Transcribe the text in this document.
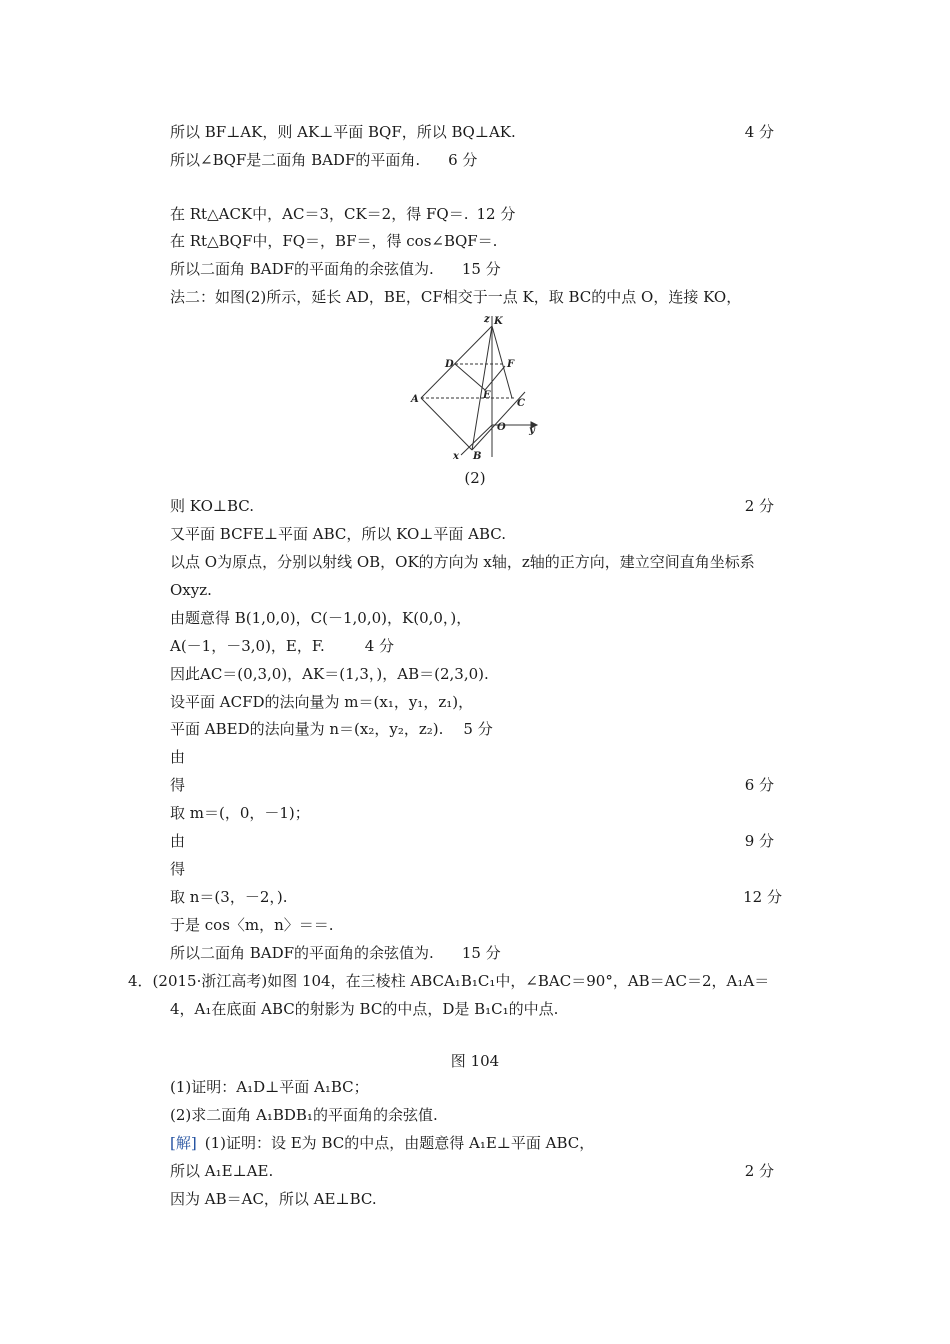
所以 BF⊥AK，则 AK⊥平面 BQF，所以 BQ⊥AK.	4 分
所以∠BQF是二面角 BADF的平面角. 6 分
在 Rt△ACK中，AC＝3，CK＝2，得 FQ＝. 12 分
在 Rt△BQF中，FQ＝，BF＝，得 cos∠BQF＝.
所以二面角 BADF的平面角的余弦值为. 15 分
法二：如图(2)所示，延长 AD，BE，CF相交于一点 K，取 BC的中点 O，连接 KO，
z K
D	F
A	E
C
O y
x B
(2)
则 KO⊥BC.	2 分
又平面 BCFE⊥平面 ABC，所以 KO⊥平面 ABC.
以点 O为原点，分别以射线 OB，OK的方向为 x轴，z轴的正方向，建立空间直角坐标系
Oxyz.
由题意得 B(1,0,0)，C(－1,0,0)，K(0,0，)，
A(－1，－3,0)，E，F.	4 分
因此AC＝(0,3,0)，AK＝(1,3，)，AB＝(2,3,0).
设平面 ACFD的法向量为 m＝(x₁，y₁，z₁)，
平面 ABED的法向量为 n＝(x₂，y₂，z₂). 5 分
由
得	6 分
取 m＝(，0，－1)；
由	9 分
得
取 n＝(3，－2，).	12 分
于是 cos〈m，n〉＝＝.
所以二面角 BADF的平面角的余弦值为. 15 分
4．(2015·浙江高考)如图 104，在三棱柱 ABCA₁B₁C₁中，∠BAC＝90°，AB＝AC＝2，A₁A＝
4，A₁在底面 ABC的射影为 BC的中点，D是 B₁C₁的中点.
图 104
(1)证明：A₁D⊥平面 A₁BC；
(2)求二面角 A₁BDB₁的平面角的余弦值.
[解] (1)证明：设 E为 BC的中点，由题意得 A₁E⊥平面 ABC，
所以 A₁E⊥AE.	2 分
因为 AB＝AC，所以 AE⊥BC.
